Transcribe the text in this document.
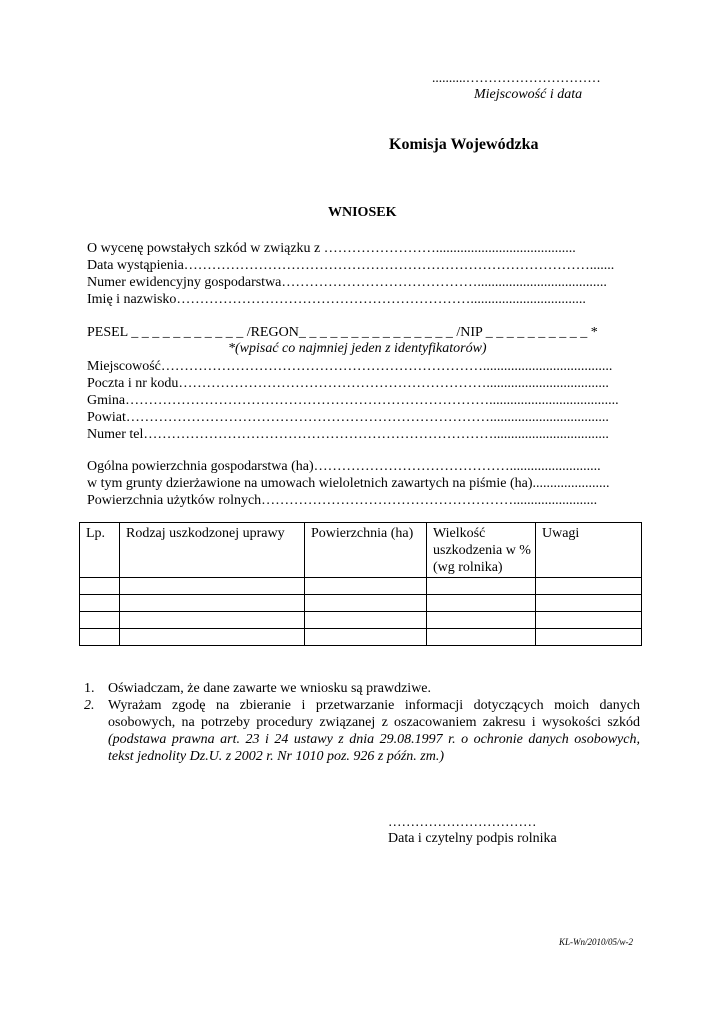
..........…………………………
Miejscowość i data
Komisja Wojewódzka
WNIOSEK
O wycenę powstałych szkód w związku z ……………………........................................
Data wystąpienia…………………………………………………………………………….......
Numer ewidencyjny gospodarstwa…………………………………….....................................
Imię i nazwisko……………………………………………………….................................
PESEL _ _ _ _ _ _ _ _ _ _ _ /REGON_ _ _ _ _ _ _ _ _ _ _ _ _ _ _ /NIP _ _ _ _ _ _ _ _ _ _ *
*(wpisać co najmniej jeden z identyfikatorów)
Miejscowość…………………………………………………………….....................................
Poczta i nr kodu…………………………………………………………...................................
Gmina…………………………………………………………………….....................................
Powiat……………………………………………………………………..................................
Numer tel………………………………………………………………….................................
Ogólna powierzchnia gospodarstwa (ha)……………………………………..........................
w tym grunty dzierżawione na umowach wieloletnich zawartych na piśmie (ha)......................
Powierzchnia użytków rolnych………………………………………………........................
Lp.	Rodzaj uszkodzonej uprawy	Powierzchnia (ha)	Wielkość uszkodzenia w % (wg rolnika)	Uwagi

1. Oświadczam, że dane zawarte we wniosku są prawdziwe.
2. Wyrażam zgodę na zbieranie i przetwarzanie informacji dotyczących moich danych osobowych, na potrzeby procedury związanej z oszacowaniem zakresu i wysokości szkód (podstawa prawna art. 23 i 24 ustawy z dnia 29.08.1997 r. o ochronie danych osobowych, tekst jednolity Dz.U. z 2002 r. Nr 1010 poz. 926 z późn. zm.)
……………………………
Data i czytelny podpis rolnika
KL-Wn/2010/05/w-2
